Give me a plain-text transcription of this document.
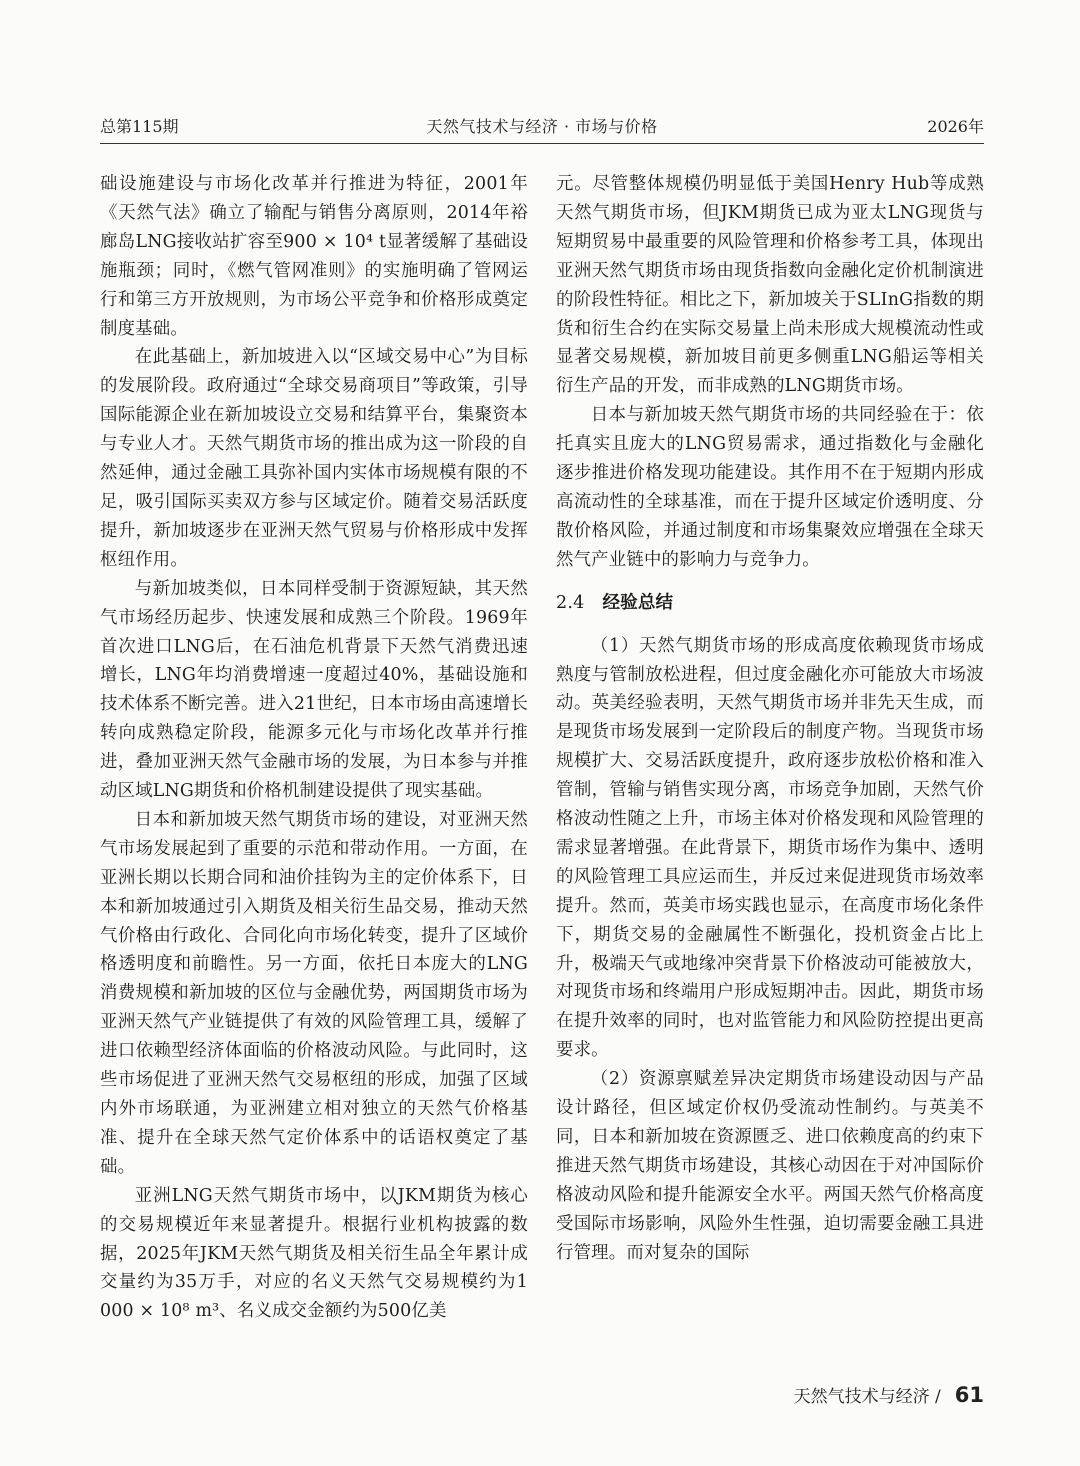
总第115期	天然气技术与经济 · 市场与价格	2026年

础设施建设与市场化改革并行推进为特征，2001年《天然气法》确立了输配与销售分离原则，2014年裕廊岛LNG接收站扩容至900 × 10⁴ t显著缓解了基础设施瓶颈；同时，《燃气管网准则》的实施明确了管网运行和第三方开放规则，为市场公平竞争和价格形成奠定制度基础。

在此基础上，新加坡进入以“区域交易中心”为目标的发展阶段。政府通过“全球交易商项目”等政策，引导国际能源企业在新加坡设立交易和结算平台，集聚资本与专业人才。天然气期货市场的推出成为这一阶段的自然延伸，通过金融工具弥补国内实体市场规模有限的不足，吸引国际买卖双方参与区域定价。随着交易活跃度提升，新加坡逐步在亚洲天然气贸易与价格形成中发挥枢纽作用。

与新加坡类似，日本同样受制于资源短缺，其天然气市场经历起步、快速发展和成熟三个阶段。1969年首次进口LNG后，在石油危机背景下天然气消费迅速增长，LNG年均消费增速一度超过40%，基础设施和技术体系不断完善。进入21世纪，日本市场由高速增长转向成熟稳定阶段，能源多元化与市场化改革并行推进，叠加亚洲天然气金融市场的发展，为日本参与并推动区域LNG期货和价格机制建设提供了现实基础。

日本和新加坡天然气期货市场的建设，对亚洲天然气市场发展起到了重要的示范和带动作用。一方面，在亚洲长期以长期合同和油价挂钩为主的定价体系下，日本和新加坡通过引入期货及相关衍生品交易，推动天然气价格由行政化、合同化向市场化转变，提升了区域价格透明度和前瞻性。另一方面，依托日本庞大的LNG消费规模和新加坡的区位与金融优势，两国期货市场为亚洲天然气产业链提供了有效的风险管理工具，缓解了进口依赖型经济体面临的价格波动风险。与此同时，这些市场促进了亚洲天然气交易枢纽的形成，加强了区域内外市场联通，为亚洲建立相对独立的天然气价格基准、提升在全球天然气定价体系中的话语权奠定了基础。

亚洲LNG天然气期货市场中，以JKM期货为核心的交易规模近年来显著提升。根据行业机构披露的数据，2025年JKM天然气期货及相关衍生品全年累计成交量约为35万手，对应的名义天然气交易规模约为1 000 × 10⁸ m³、名义成交金额约为500亿美

元。尽管整体规模仍明显低于美国Henry Hub等成熟天然气期货市场，但JKM期货已成为亚太LNG现货与短期贸易中最重要的风险管理和价格参考工具，体现出亚洲天然气期货市场由现货指数向金融化定价机制演进的阶段性特征。相比之下，新加坡关于SLInG指数的期货和衍生合约在实际交易量上尚未形成大规模流动性或显著交易规模，新加坡目前更多侧重LNG船运等相关衍生产品的开发，而非成熟的LNG期货市场。

日本与新加坡天然气期货市场的共同经验在于：依托真实且庞大的LNG贸易需求，通过指数化与金融化逐步推进价格发现功能建设。其作用不在于短期内形成高流动性的全球基准，而在于提升区域定价透明度、分散价格风险，并通过制度和市场集聚效应增强在全球天然气产业链中的影响力与竞争力。

2.4 经验总结

（1）天然气期货市场的形成高度依赖现货市场成熟度与管制放松进程，但过度金融化亦可能放大市场波动。英美经验表明，天然气期货市场并非先天生成，而是现货市场发展到一定阶段后的制度产物。当现货市场规模扩大、交易活跃度提升，政府逐步放松价格和准入管制，管输与销售实现分离，市场竞争加剧，天然气价格波动性随之上升，市场主体对价格发现和风险管理的需求显著增强。在此背景下，期货市场作为集中、透明的风险管理工具应运而生，并反过来促进现货市场效率提升。然而，英美市场实践也显示，在高度市场化条件下，期货交易的金融属性不断强化，投机资金占比上升，极端天气或地缘冲突背景下价格波动可能被放大，对现货市场和终端用户形成短期冲击。因此，期货市场在提升效率的同时，也对监管能力和风险防控提出更高要求。

（2）资源禀赋差异决定期货市场建设动因与产品设计路径，但区域定价权仍受流动性制约。与英美不同，日本和新加坡在资源匮乏、进口依赖度高的约束下推进天然气期货市场建设，其核心动因在于对冲国际价格波动风险和提升能源安全水平。两国天然气价格高度受国际市场影响，风险外生性强，迫切需要金融工具进行管理。而对复杂的国际

天然气技术与经济 / 61
